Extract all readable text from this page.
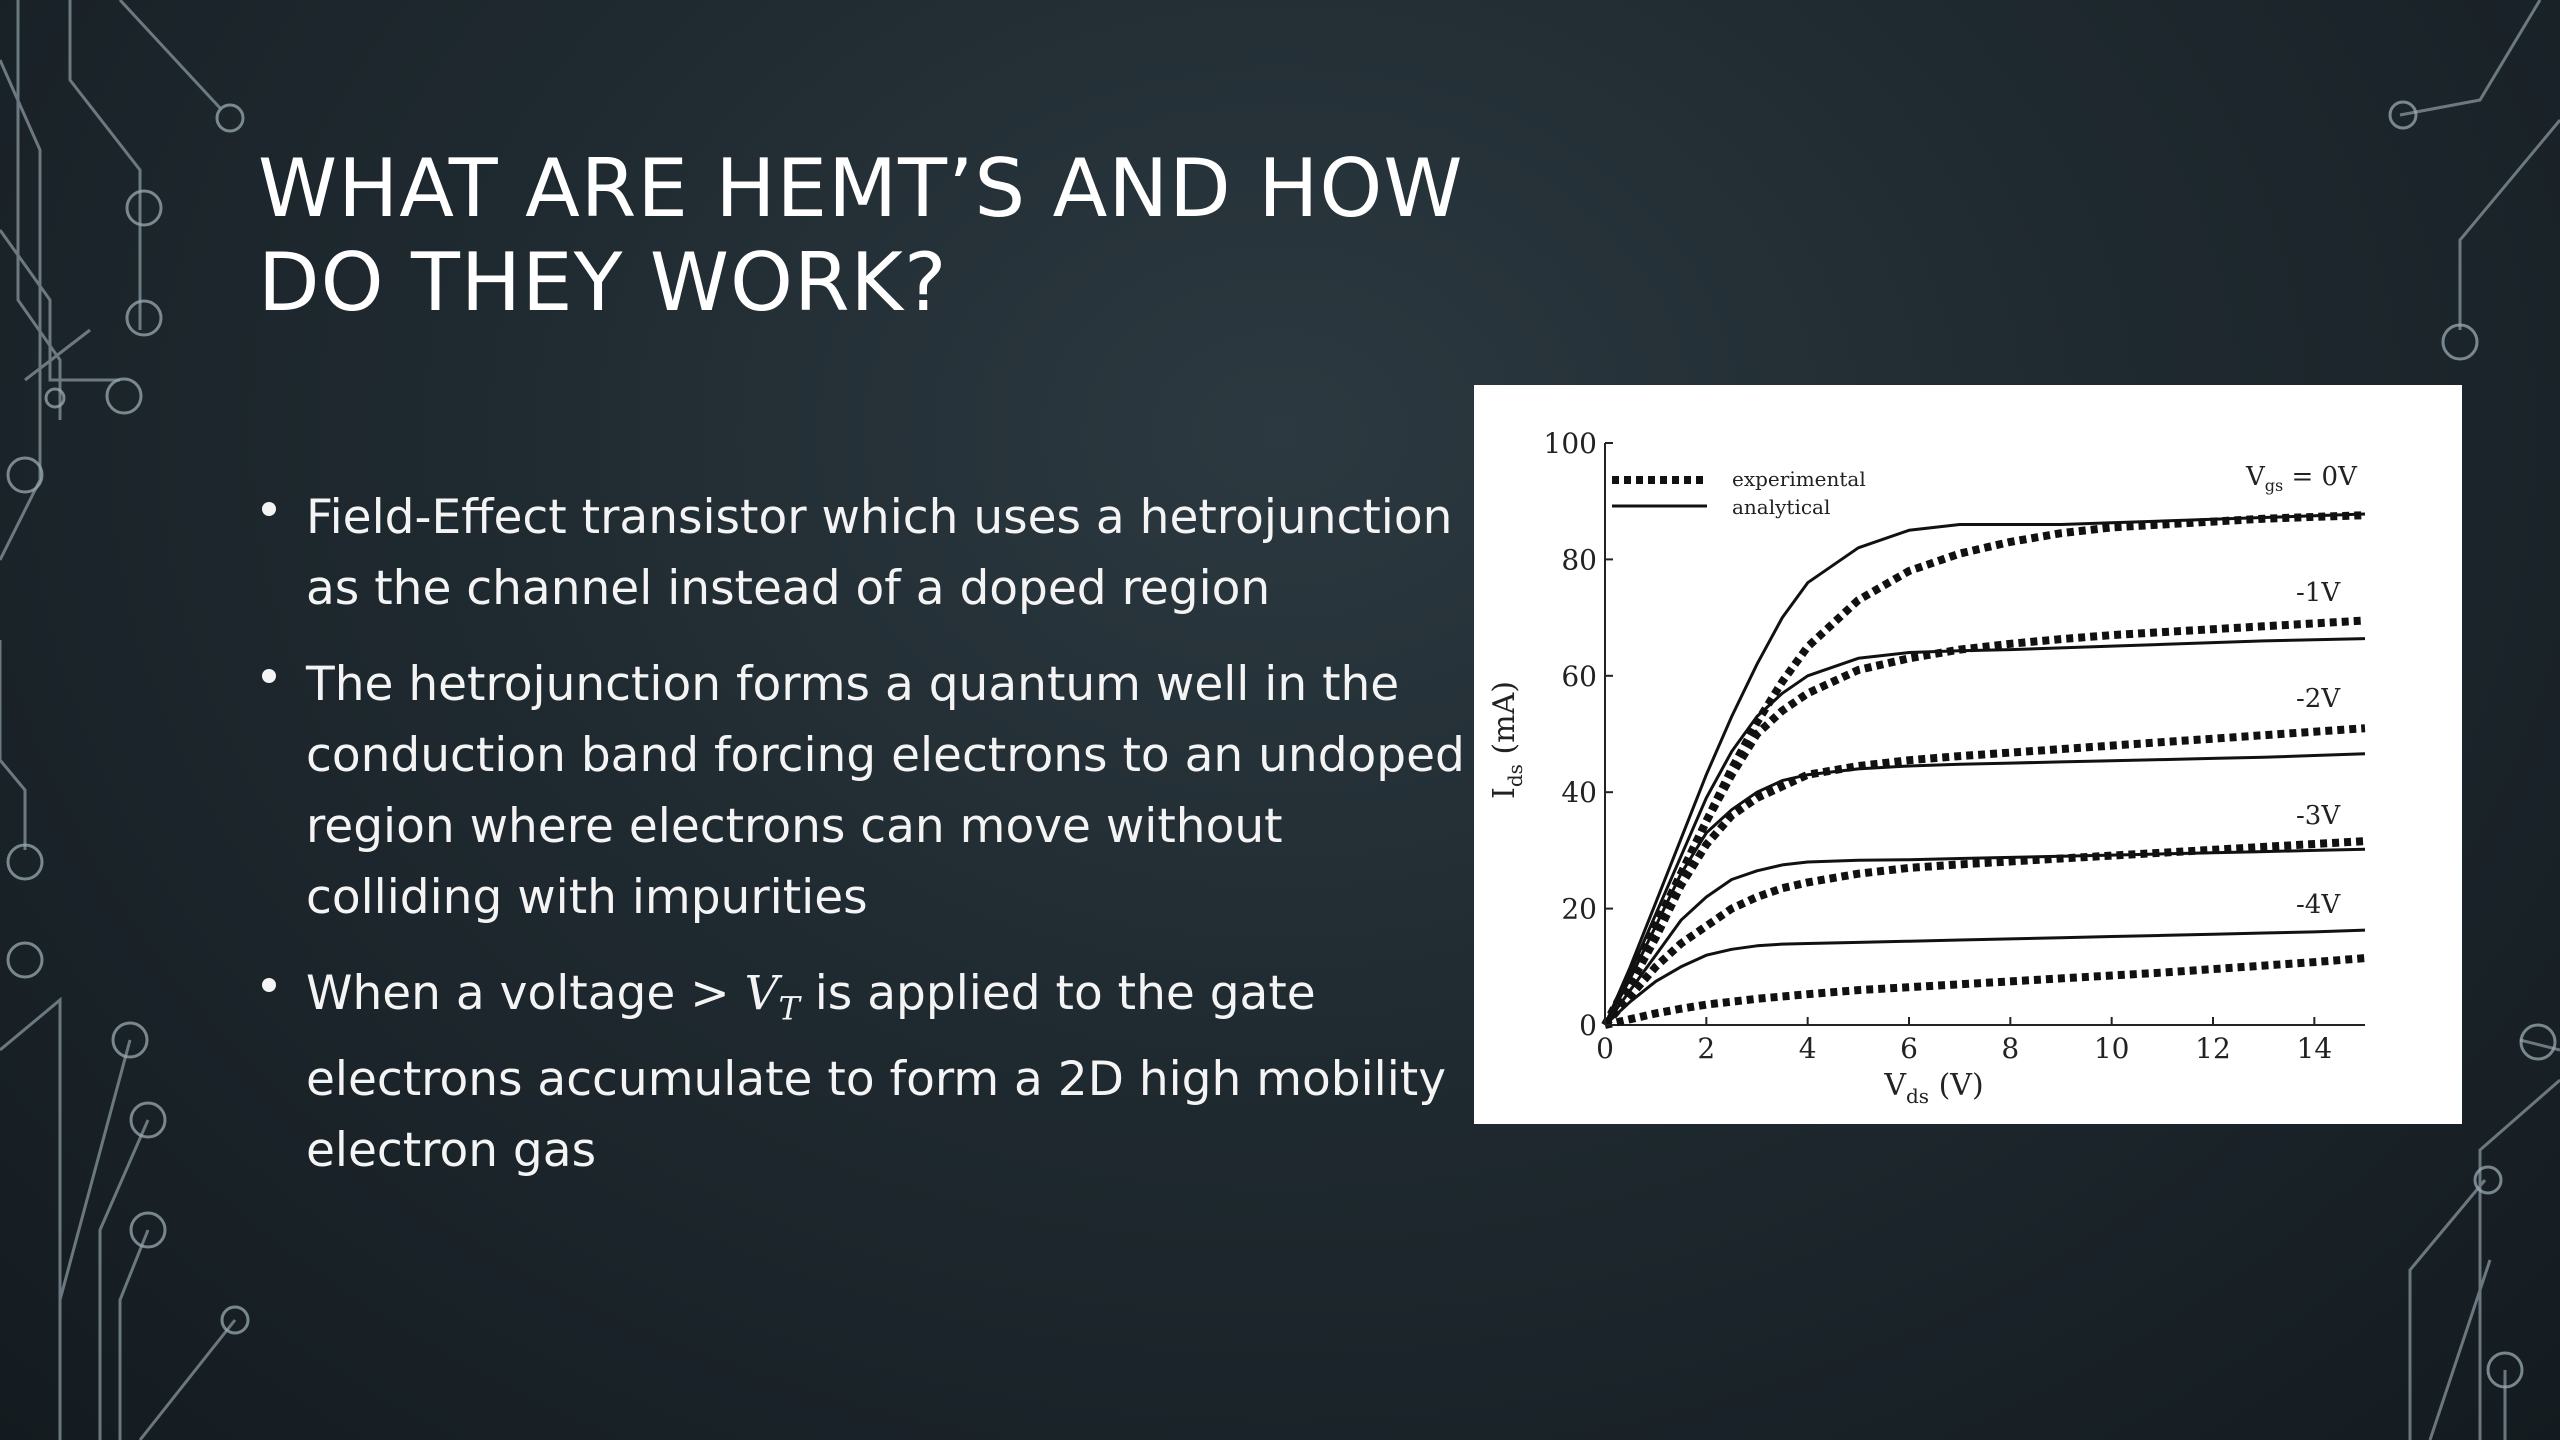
WHAT ARE HEMT’S AND HOW
DO THEY WORK?
Field-Effect transistor which uses a hetrojunction
as the channel instead of a doped region
The hetrojunction forms a quantum well in the
conduction band forcing electrons to an undoped
region where electrons can move without
colliding with impurities
When a voltage > $V_T$ is applied to the gate
electrons accumulate to form a 2D high mobility
electron gas
0	2	4	6	8	10 12 14
0
20
40
60
80
100
$V_{ds}$ (V)
$I_{ds}$ (mA)
experimental
analytical
$V_{gs} = 0V$
-1V
-2V
-3V
-4V
